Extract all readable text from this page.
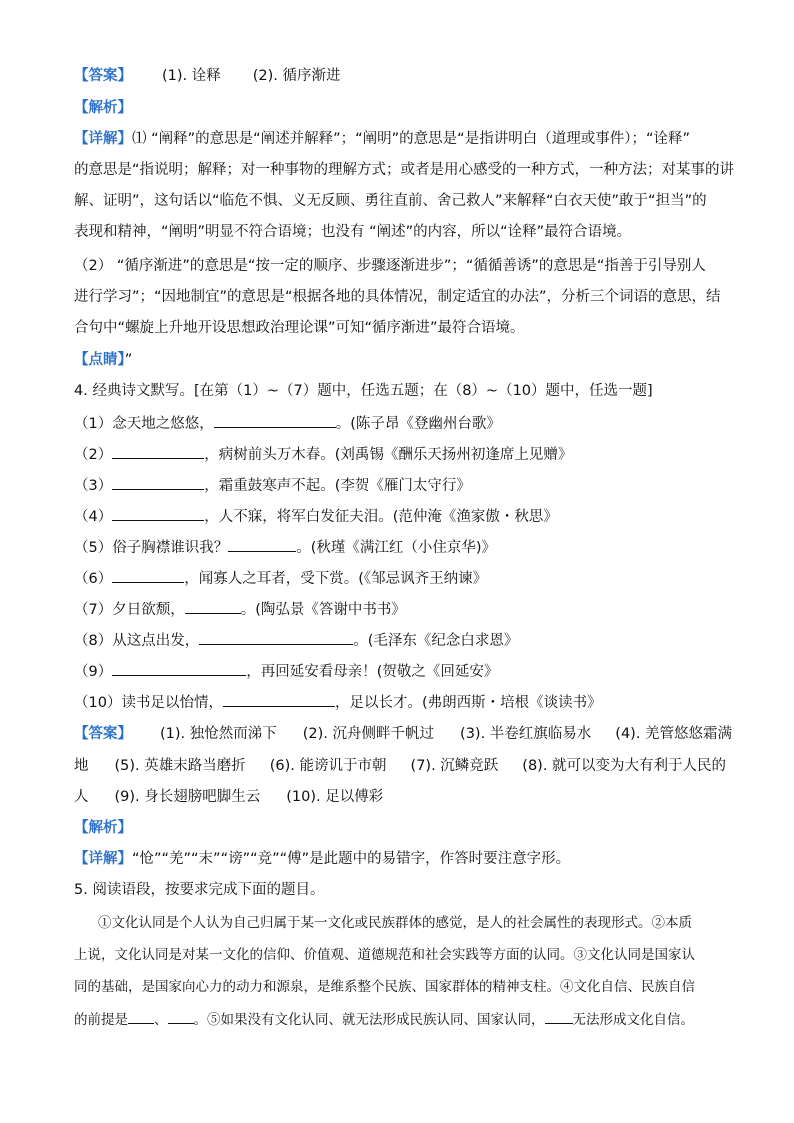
【答案】 (1). 诠释 (2). 循序渐进
【解析】
【详解】⑴ “阐释”的意思是“阐述并解释”；“阐明”的意思是“是指讲明白（道理或事件）；“诠释”
的意思是“指说明；解释；对一种事物的理解方式；或者是用心感受的一种方式，一种方法；对某事的讲
解、证明”，这句话以“临危不惧、义无反顾、勇往直前、舍己救人”来解释“白衣天使”敢于“担当”的
表现和精神，“阐明”明显不符合语境；也没有 “阐述”的内容，所以“诠释”最符合语境。
（2） “循序渐进”的意思是“按一定的顺序、步骤逐渐进步”；“循循善诱”的意思是“指善于引导别人
进行学习”；“因地制宜”的意思是“根据各地的具体情况，制定适宜的办法”，分析三个词语的意思，结
合句中“螺旋上升地开设思想政治理论课”可知“循序渐进”最符合语境。
【点睛】”
4. 经典诗文默写。[在第（1）~（7）题中，任选五题；在（8）~（10）题中，任选一题]
（1）念天地之悠悠，	。(陈子昂《登幽州台歌》
（2）	，病树前头万木春。(刘禹锡《酬乐天扬州初逢席上见赠》
（3）	，霜重鼓寒声不起。(李贺《雁门太守行》
（4）	，人不寐，将军白发征夫泪。(范仲淹《渔家傲・秋思》
（5）俗子胸襟谁识我？	。(秋瑾《满江红（小住京华)》
（6）	，闻寡人之耳者，受下赏。(《邹忌讽齐王纳谏》
（7）夕日欲颓，	。(陶弘景《答谢中书书》
（8）从这点出发，	。(毛泽东《纪念白求恩》
（9）	，再回延安看母亲！(贺敬之《回延安》
（10）读书足以怡情，	，足以长才。(弗朗西斯・培根《谈读书》
【答案】 (1). 独怆然而涕下 (2). 沉舟侧畔千帆过 (3). 半卷红旗临易水 (4). 羌管悠悠霜满
地 (5). 英雄末路当磨折 (6). 能谤讥于市朝 (7). 沉鳞竞跃 (8). 就可以变为大有利于人民的
人 (9). 身长翅膀吧脚生云 (10). 足以傅彩
【解析】
【详解】“怆”“羌”“末”“谤”“竞”“傅”是此题中的易错字，作答时要注意字形。
5. 阅读语段，按要求完成下面的题目。
①文化认同是个人认为自己归属于某一文化或民族群体的感觉，是人的社会属性的表现形式。②本质
上说，文化认同是对某一文化的信仰、价值观、道德规范和社会实践等方面的认同。③文化认同是国家认
同的基础，是国家向心力的动力和源泉，是维系整个民族、国家群体的精神支柱。④文化自信、民族自信
的前提是 、 。⑤如果没有文化认同、就无法形成民族认同、国家认同， 无法形成文化自信。
